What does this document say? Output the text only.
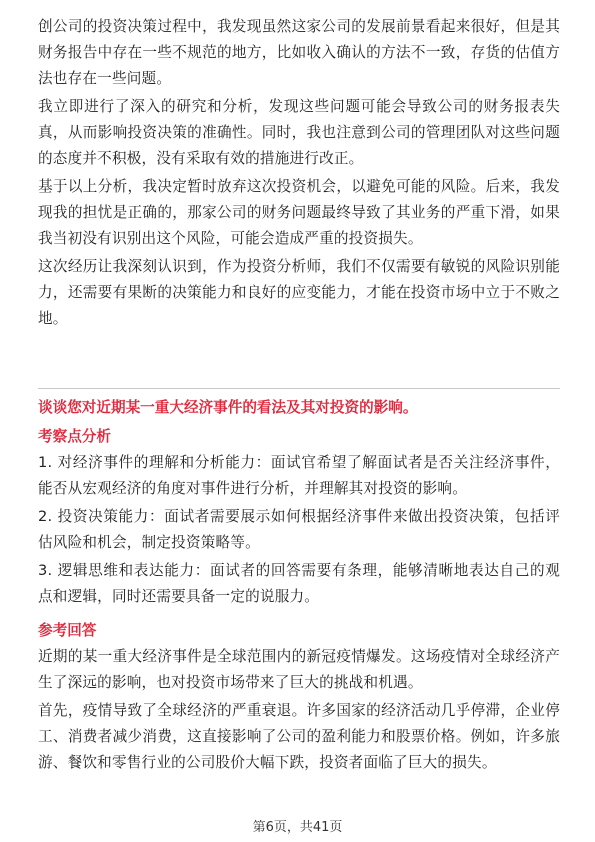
创公司的投资决策过程中，我发现虽然这家公司的发展前景看起来很好，但是其财务报告中存在一些不规范的地方，比如收入确认的方法不一致，存货的估值方法也存在一些问题。

我立即进行了深入的研究和分析，发现这些问题可能会导致公司的财务报表失真，从而影响投资决策的准确性。同时，我也注意到公司的管理团队对这些问题的态度并不积极，没有采取有效的措施进行改正。

基于以上分析，我决定暂时放弃这次投资机会，以避免可能的风险。后来，我发现我的担忧是正确的，那家公司的财务问题最终导致了其业务的严重下滑，如果我当初没有识别出这个风险，可能会造成严重的投资损失。

这次经历让我深刻认识到，作为投资分析师，我们不仅需要有敏锐的风险识别能力，还需要有果断的决策能力和良好的应变能力，才能在投资市场中立于不败之地。

谈谈您对近期某一重大经济事件的看法及其对投资的影响。
考察点分析

1. 对经济事件的理解和分析能力：面试官希望了解面试者是否关注经济事件，能否从宏观经济的角度对事件进行分析，并理解其对投资的影响。

2. 投资决策能力：面试者需要展示如何根据经济事件来做出投资决策，包括评估风险和机会，制定投资策略等。

3. 逻辑思维和表达能力：面试者的回答需要有条理，能够清晰地表达自己的观点和逻辑，同时还需要具备一定的说服力。

参考回答

近期的某一重大经济事件是全球范围内的新冠疫情爆发。这场疫情对全球经济产生了深远的影响，也对投资市场带来了巨大的挑战和机遇。

首先，疫情导致了全球经济的严重衰退。许多国家的经济活动几乎停滞，企业停工、消费者减少消费，这直接影响了公司的盈利能力和股票价格。例如，许多旅游、餐饮和零售行业的公司股价大幅下跌，投资者面临了巨大的损失。

第6页，共41页
